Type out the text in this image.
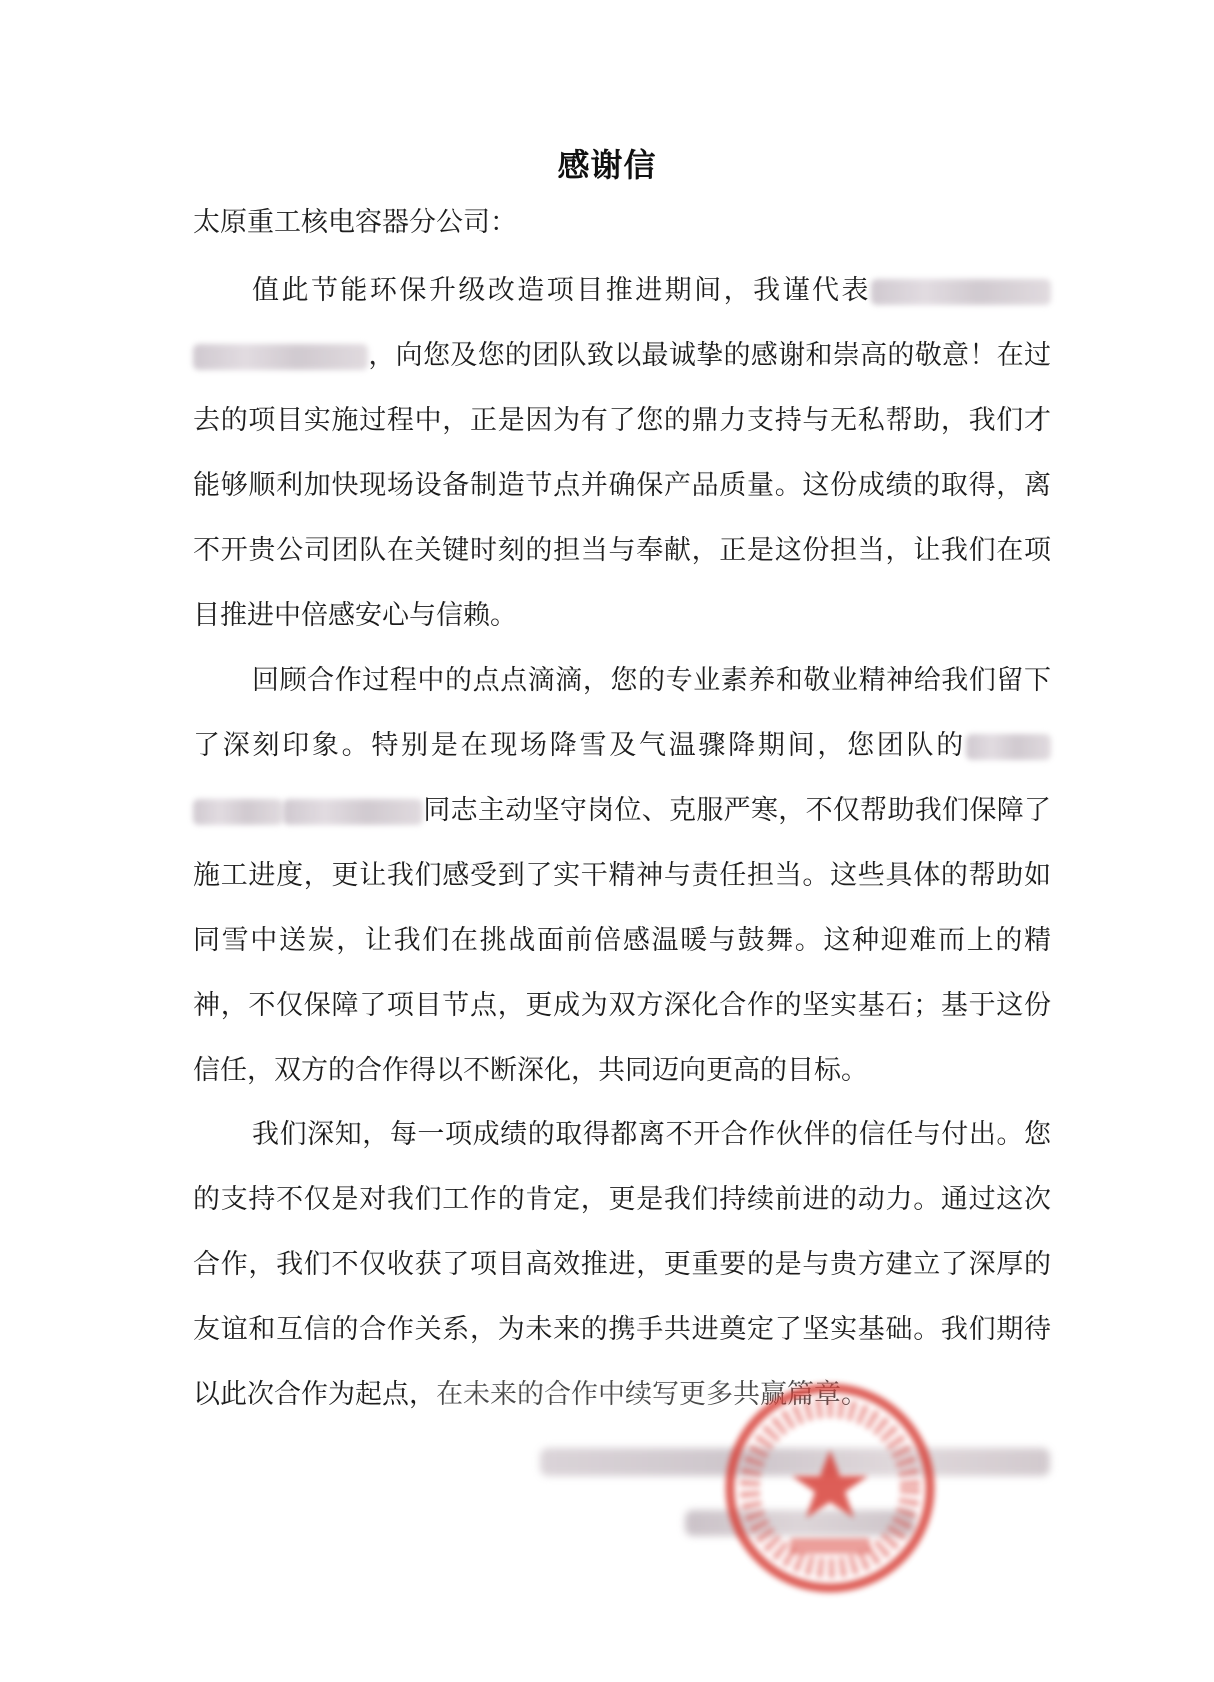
感谢信
太原重工核电容器分公司：

值此节能环保升级改造项目推进期间，我谨代表，向您及您的团队致以最诚挚的感谢和崇高的敬意！在过去的项目实施过程中，正是因为有了您的鼎力支持与无私帮助，我们才能够顺利加快现场设备制造节点并确保产品质量。这份成绩的取得，离不开贵公司团队在关键时刻的担当与奉献，正是这份担当，让我们在项目推进中倍感安心与信赖。

回顾合作过程中的点点滴滴，您的专业素养和敬业精神给我们留下了深刻印象。特别是在现场降雪及气温骤降期间，您团队的同志主动坚守岗位、克服严寒，不仅帮助我们保障了施工进度，更让我们感受到了实干精神与责任担当。这些具体的帮助如同雪中送炭，让我们在挑战面前倍感温暖与鼓舞。这种迎难而上的精神，不仅保障了项目节点，更成为双方深化合作的坚实基石；基于这份信任，双方的合作得以不断深化，共同迈向更高的目标。

我们深知，每一项成绩的取得都离不开合作伙伴的信任与付出。您的支持不仅是对我们工作的肯定，更是我们持续前进的动力。通过这次合作，我们不仅收获了项目高效推进，更重要的是与贵方建立了深厚的友谊和互信的合作关系，为未来的携手共进奠定了坚实基础。我们期待以此次合作为起点，在未来的合作中续写更多共赢篇章。
